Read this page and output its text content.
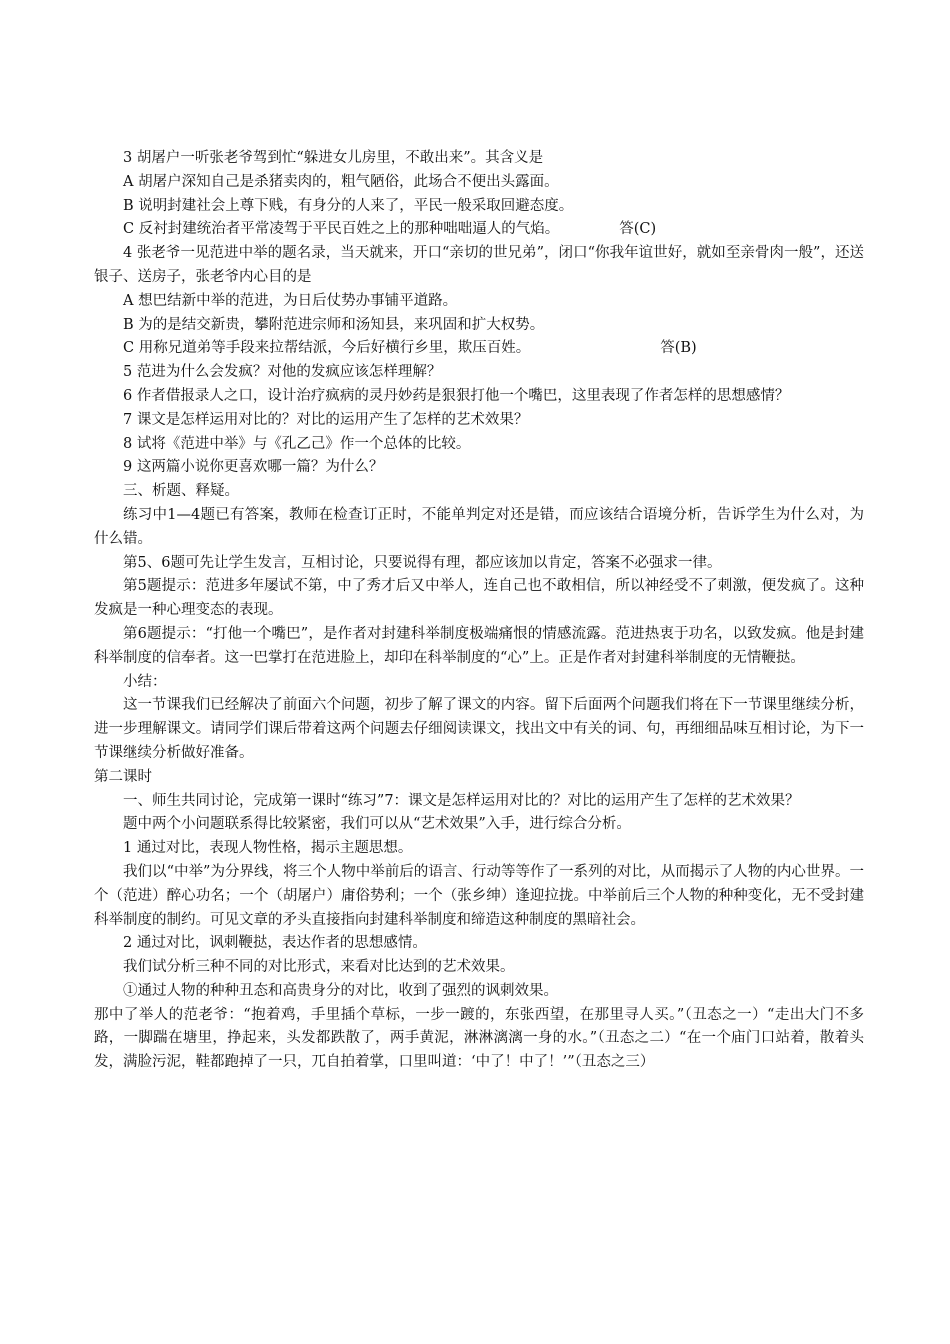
3 胡屠户一听张老爷驾到忙“躲进女儿房里，不敢出来”。其含义是

A 胡屠户深知自己是杀猪卖肉的，粗气陋俗，此场合不便出头露面。

B 说明封建社会上尊下贱，有身分的人来了，平民一般采取回避态度。

C 反衬封建统治者平常凌驾于平民百姓之上的那种咄咄逼人的气焰。	答(C)

4 张老爷一见范进中举的题名录，当天就来，开口“亲切的世兄弟”，闭口“你我年谊世好，就如至亲骨肉一般”，还送银子、送房子，张老爷内心目的是

A 想巴结新中举的范进，为日后仗势办事铺平道路。

B 为的是结交新贵，攀附范进宗师和汤知县，来巩固和扩大权势。

C 用称兄道弟等手段来拉帮结派，今后好横行乡里，欺压百姓。	答(B)

5 范进为什么会发疯？对他的发疯应该怎样理解？

6 作者借报录人之口，设计治疗疯病的灵丹妙药是狠狠打他一个嘴巴，这里表现了作者怎样的思想感情？

7 课文是怎样运用对比的？对比的运用产生了怎样的艺术效果？

8 试将《范进中举》与《孔乙己》作一个总体的比较。

9 这两篇小说你更喜欢哪一篇？为什么？

三、析题、释疑。

练习中1—4题已有答案，教师在检查订正时，不能单判定对还是错，而应该结合语境分析，告诉学生为什么对，为什么错。

第5、6题可先让学生发言，互相讨论，只要说得有理，都应该加以肯定，答案不必强求一律。

第5题提示：范进多年屡试不第，中了秀才后又中举人，连自己也不敢相信，所以神经受不了刺激，便发疯了。这种发疯是一种心理变态的表现。

第6题提示：“打他一个嘴巴”，是作者对封建科举制度极端痛恨的情感流露。范进热衷于功名，以致发疯。他是封建科举制度的信奉者。这一巴掌打在范进脸上，却印在科举制度的“心”上。正是作者对封建科举制度的无情鞭挞。

小结：

这一节课我们已经解决了前面六个问题，初步了解了课文的内容。留下后面两个问题我们将在下一节课里继续分析，进一步理解课文。请同学们课后带着这两个问题去仔细阅读课文，找出文中有关的词、句，再细细品味互相讨论，为下一节课继续分析做好准备。

第二课时

一、师生共同讨论，完成第一课时“练习”7：课文是怎样运用对比的？对比的运用产生了怎样的艺术效果？

题中两个小问题联系得比较紧密，我们可以从“艺术效果”入手，进行综合分析。

1 通过对比，表现人物性格，揭示主题思想。

我们以“中举”为分界线，将三个人物中举前后的语言、行动等等作了一系列的对比，从而揭示了人物的内心世界。一个（范进）醉心功名；一个（胡屠户）庸俗势利；一个（张乡绅）逢迎拉拢。中举前后三个人物的种种变化，无不受封建科举制度的制约。可见文章的矛头直接指向封建科举制度和缔造这种制度的黑暗社会。

2 通过对比，讽刺鞭挞，表达作者的思想感情。

我们试分析三种不同的对比形式，来看对比达到的艺术效果。

①通过人物的种种丑态和高贵身分的对比，收到了强烈的讽刺效果。

那中了举人的范老爷：“抱着鸡，手里插个草标，一步一踱的，东张西望，在那里寻人买。”（丑态之一）“走出大门不多路，一脚踹在塘里，挣起来，头发都跌散了，两手黄泥，淋淋漓漓一身的水。”（丑态之二）“在一个庙门口站着，散着头发，满脸污泥，鞋都跑掉了一只，兀自拍着掌，口里叫道：‘中了！中了！’”（丑态之三）
